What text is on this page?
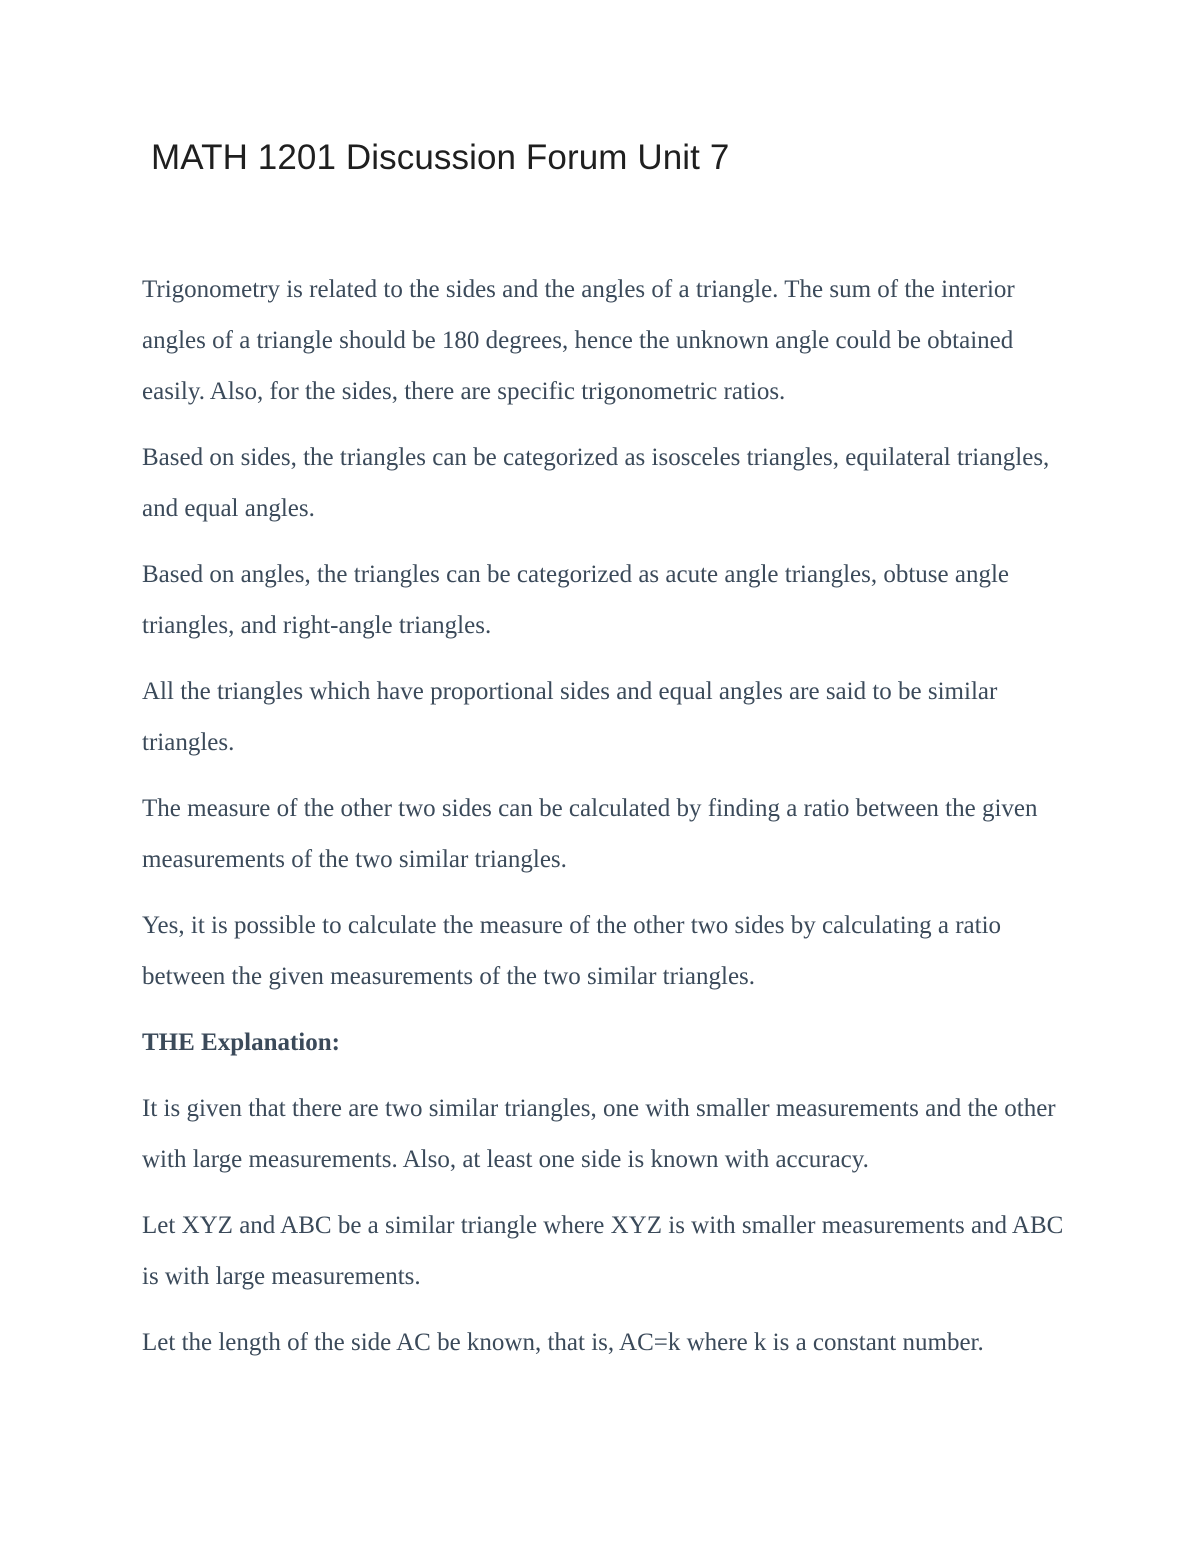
MATH 1201 Discussion Forum Unit 7

Trigonometry is related to the sides and the angles of a triangle. The sum of the interior angles of a triangle should be 180 degrees, hence the unknown angle could be obtained easily. Also, for the sides, there are specific trigonometric ratios.

Based on sides, the triangles can be categorized as isosceles triangles, equilateral triangles, and equal angles.

Based on angles, the triangles can be categorized as acute angle triangles, obtuse angle triangles, and right-angle triangles.

All the triangles which have proportional sides and equal angles are said to be similar triangles.

The measure of the other two sides can be calculated by finding a ratio between the given measurements of the two similar triangles.

Yes, it is possible to calculate the measure of the other two sides by calculating a ratio between the given measurements of the two similar triangles.

THE Explanation:

It is given that there are two similar triangles, one with smaller measurements and the other with large measurements. Also, at least one side is known with accuracy.

Let XYZ and ABC be a similar triangle where XYZ is with smaller measurements and ABC is with large measurements.

Let the length of the side AC be known, that is, AC=k where k is a constant number.
